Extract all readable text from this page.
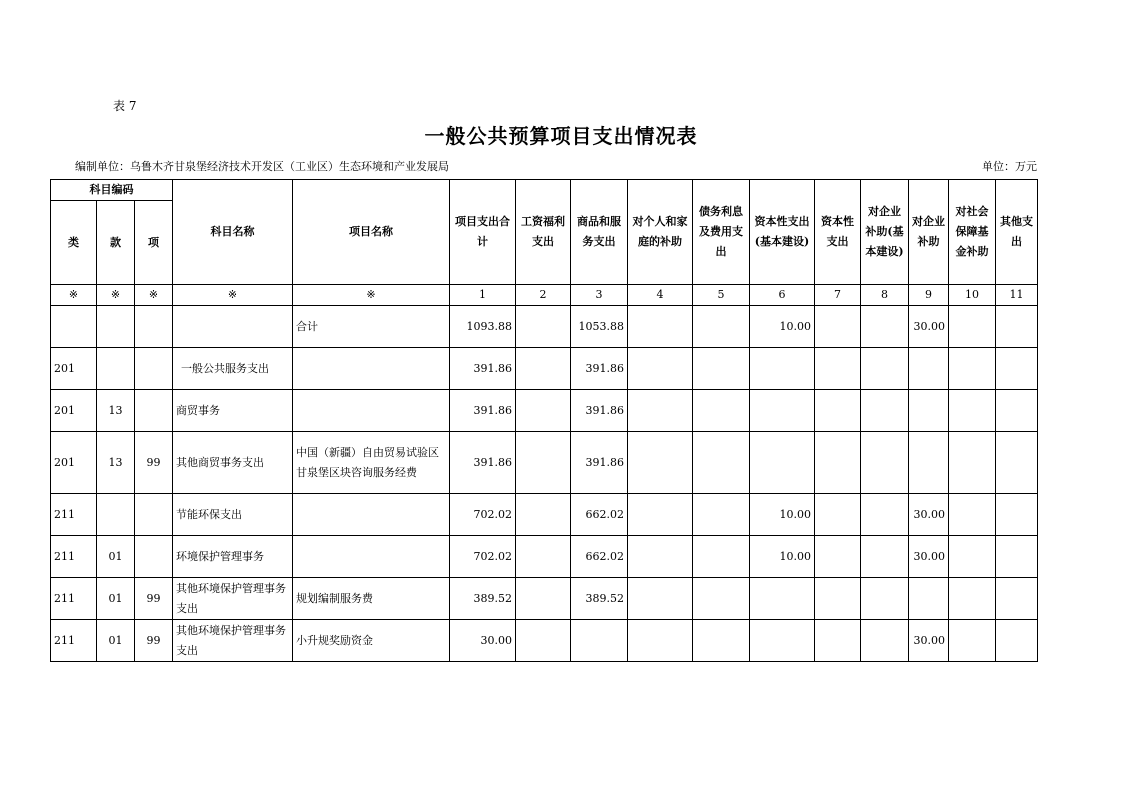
表 7
一般公共预算项目支出情况表
编制单位：乌鲁木齐甘泉堡经济技术开发区（工业区）生态环境和产业发展局	单位：万元
科目编码			科目名称	项目名称	项目支出合计	工资福利支出	商品和服务支出	对个人和家庭的补助	债务利息及费用支出	资本性支出(基本建设)	资本性支出	对企业补助(基本建设)	对企业补助	对社会保障基金补助	其他支出
类	款	项													
※	※	※	※	※	1	2	3	4	5	6	7	8	9	10	11
				合计	1093.88		1053.88			10.00			30.00		
201			一般公共服务支出		391.86		391.86								
201	13		商贸事务		391.86		391.86								
201	13	99	其他商贸事务支出	中国（新疆）自由贸易试验区甘泉堡区块咨询服务经费	391.86		391.86								
211			节能环保支出		702.02		662.02			10.00			30.00		
211	01		环境保护管理事务		702.02		662.02			10.00			30.00		
211	01	99	其他环境保护管理事务支出	规划编制服务费	389.52		389.52								
211	01	99	其他环境保护管理事务支出	小升规奖励资金	30.00								30.00		
